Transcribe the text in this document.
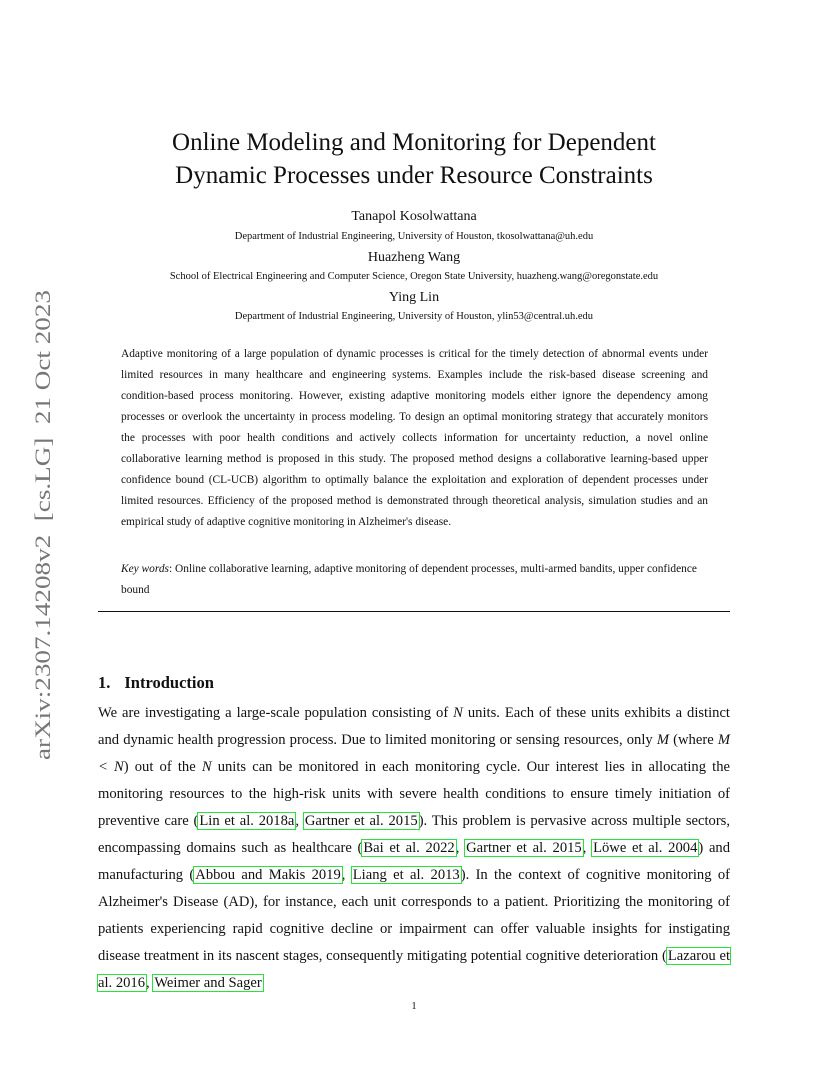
arXiv:2307.14208v2  [cs.LG]  21 Oct 2023
Online Modeling and Monitoring for Dependent
Dynamic Processes under Resource Constraints
Tanapol Kosolwattana
Department of Industrial Engineering, University of Houston, tkosolwattana@uh.edu
Huazheng Wang
School of Electrical Engineering and Computer Science, Oregon State University, huazheng.wang@oregonstate.edu
Ying Lin
Department of Industrial Engineering, University of Houston, ylin53@central.uh.edu
Adaptive monitoring of a large population of dynamic processes is critical for the timely detection of abnormal events under limited resources in many healthcare and engineering systems. Examples include the risk-based disease screening and condition-based process monitoring. However, existing adaptive monitoring models either ignore the dependency among processes or overlook the uncertainty in process modeling. To design an optimal monitoring strategy that accurately monitors the processes with poor health conditions and actively collects information for uncertainty reduction, a novel online collaborative learning method is proposed in this study. The proposed method designs a collaborative learning-based upper confidence bound (CL-UCB) algorithm to optimally balance the exploitation and exploration of dependent processes under limited resources. Efficiency of the proposed method is demonstrated through theoretical analysis, simulation studies and an empirical study of adaptive cognitive monitoring in Alzheimer's disease.
Key words: Online collaborative learning, adaptive monitoring of dependent processes, multi-armed bandits, upper confidence bound
1. Introduction
We are investigating a large-scale population consisting of N units. Each of these units exhibits a distinct and dynamic health progression process. Due to limited monitoring or sensing resources, only M (where M < N) out of the N units can be monitored in each monitoring cycle. Our interest lies in allocating the monitoring resources to the high-risk units with severe health conditions to ensure timely initiation of preventive care (Lin et al. 2018a, Gartner et al. 2015). This problem is pervasive across multiple sectors, encompassing domains such as healthcare (Bai et al. 2022, Gartner et al. 2015, Löwe et al. 2004) and manufacturing (Abbou and Makis 2019, Liang et al. 2013). In the context of cognitive monitoring of Alzheimer's Disease (AD), for instance, each unit corresponds to a patient. Prioritizing the monitoring of patients experiencing rapid cognitive decline or impairment can offer valuable insights for instigating disease treatment in its nascent stages, consequently mitigating potential cognitive deterioration (Lazarou et al. 2016, Weimer and Sager
1
